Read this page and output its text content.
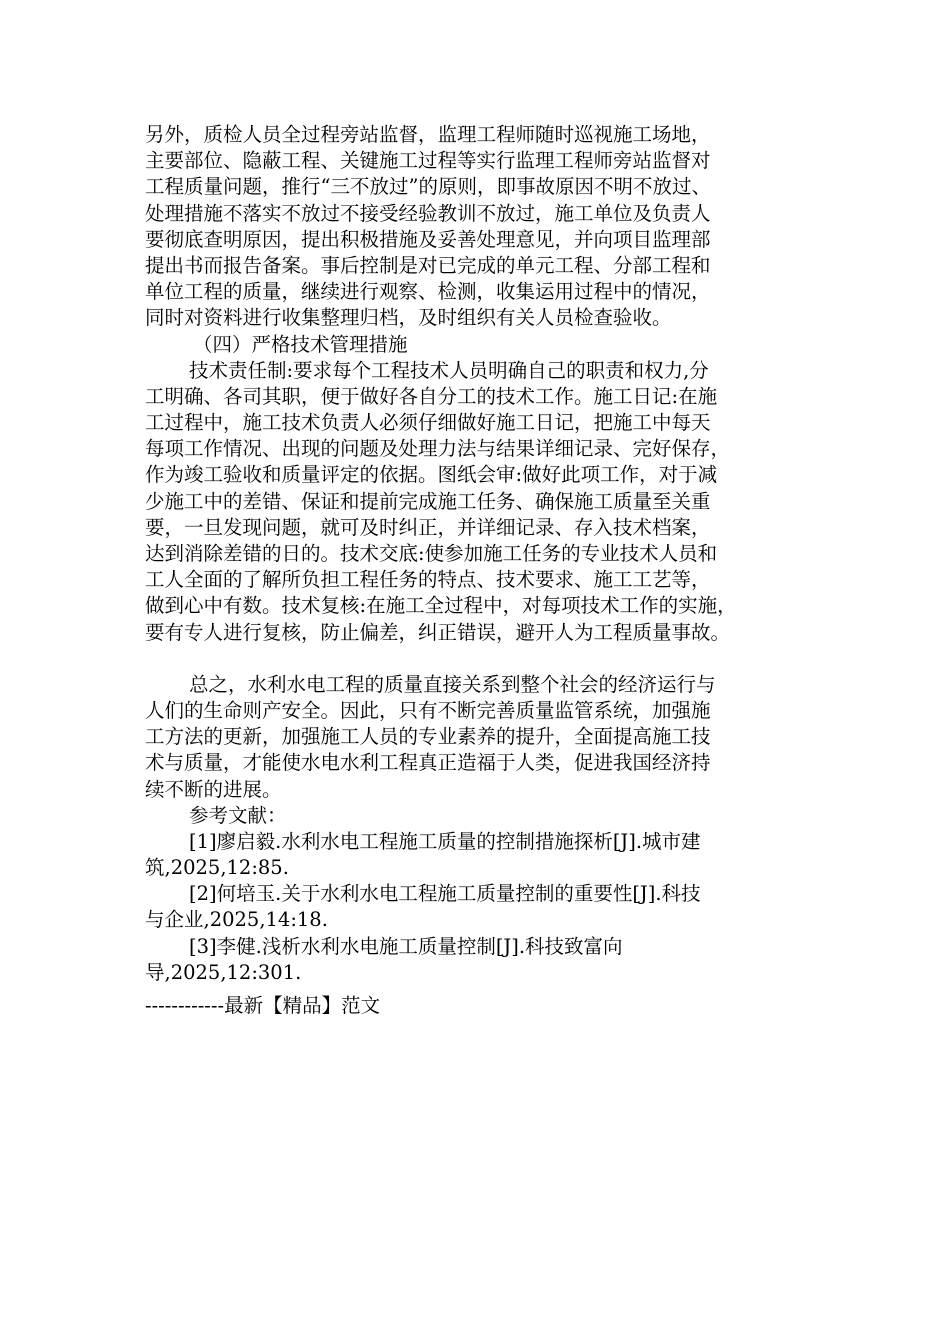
另外，质检人员全过程旁站监督，监理工程师随时巡视施工场地，
主要部位、隐蔽工程、关键施工过程等实行监理工程师旁站监督对
工程质量问题，推行“三不放过”的原则，即事故原因不明不放过、
处理措施不落实不放过不接受经验教训不放过，施工单位及负责人
要彻底查明原因，提出积极措施及妥善处理意见，并向项目监理部
提出书而报告备案。事后控制是对已完成的单元工程、分部工程和
单位工程的质量，继续进行观察、检测，收集运用过程中的情况，
同时对资料进行收集整理归档，及时组织有关人员检查验收。
（四）严格技术管理措施
技术责任制:要求每个工程技术人员明确自己的职责和权力,分
工明确、各司其职，便于做好各自分工的技术工作。施工日记:在施
工过程中，施工技术负责人必须仔细做好施工日记，把施工中每天
每项工作情况、出现的问题及处理力法与结果详细记录、完好保存，
作为竣工验收和质量评定的依据。图纸会审:做好此项工作，对于减
少施工中的差错、保证和提前完成施工任务、确保施工质量至关重
要，一旦发现问题，就可及时纠正，并详细记录、存入技术档案，
达到消除差错的日的。技术交底:使参加施工任务的专业技术人员和
工人全面的了解所负担工程任务的特点、技术要求、施工工艺等，
做到心中有数。技术复核:在施工全过程中，对每项技术工作的实施，
要有专人进行复核，防止偏差，纠正错误，避开人为工程质量事故。
总之，水利水电工程的质量直接关系到整个社会的经济运行与
人们的生命则产安全。因此，只有不断完善质量监管系统，加强施
工方法的更新，加强施工人员的专业素养的提升，全面提高施工技
术与质量，才能使水电水利工程真正造福于人类，促进我国经济持
续不断的进展。
参考文献：
[1]廖启毅.水利水电工程施工质量的控制措施探析[J].城市建
筑,2025,12:85.
[2]何培玉.关于水利水电工程施工质量控制的重要性[J].科技
与企业,2025,14:18.
[3]李健.浅析水利水电施工质量控制[J].科技致富向
导,2025,12:301.
------------最新【精品】范文
